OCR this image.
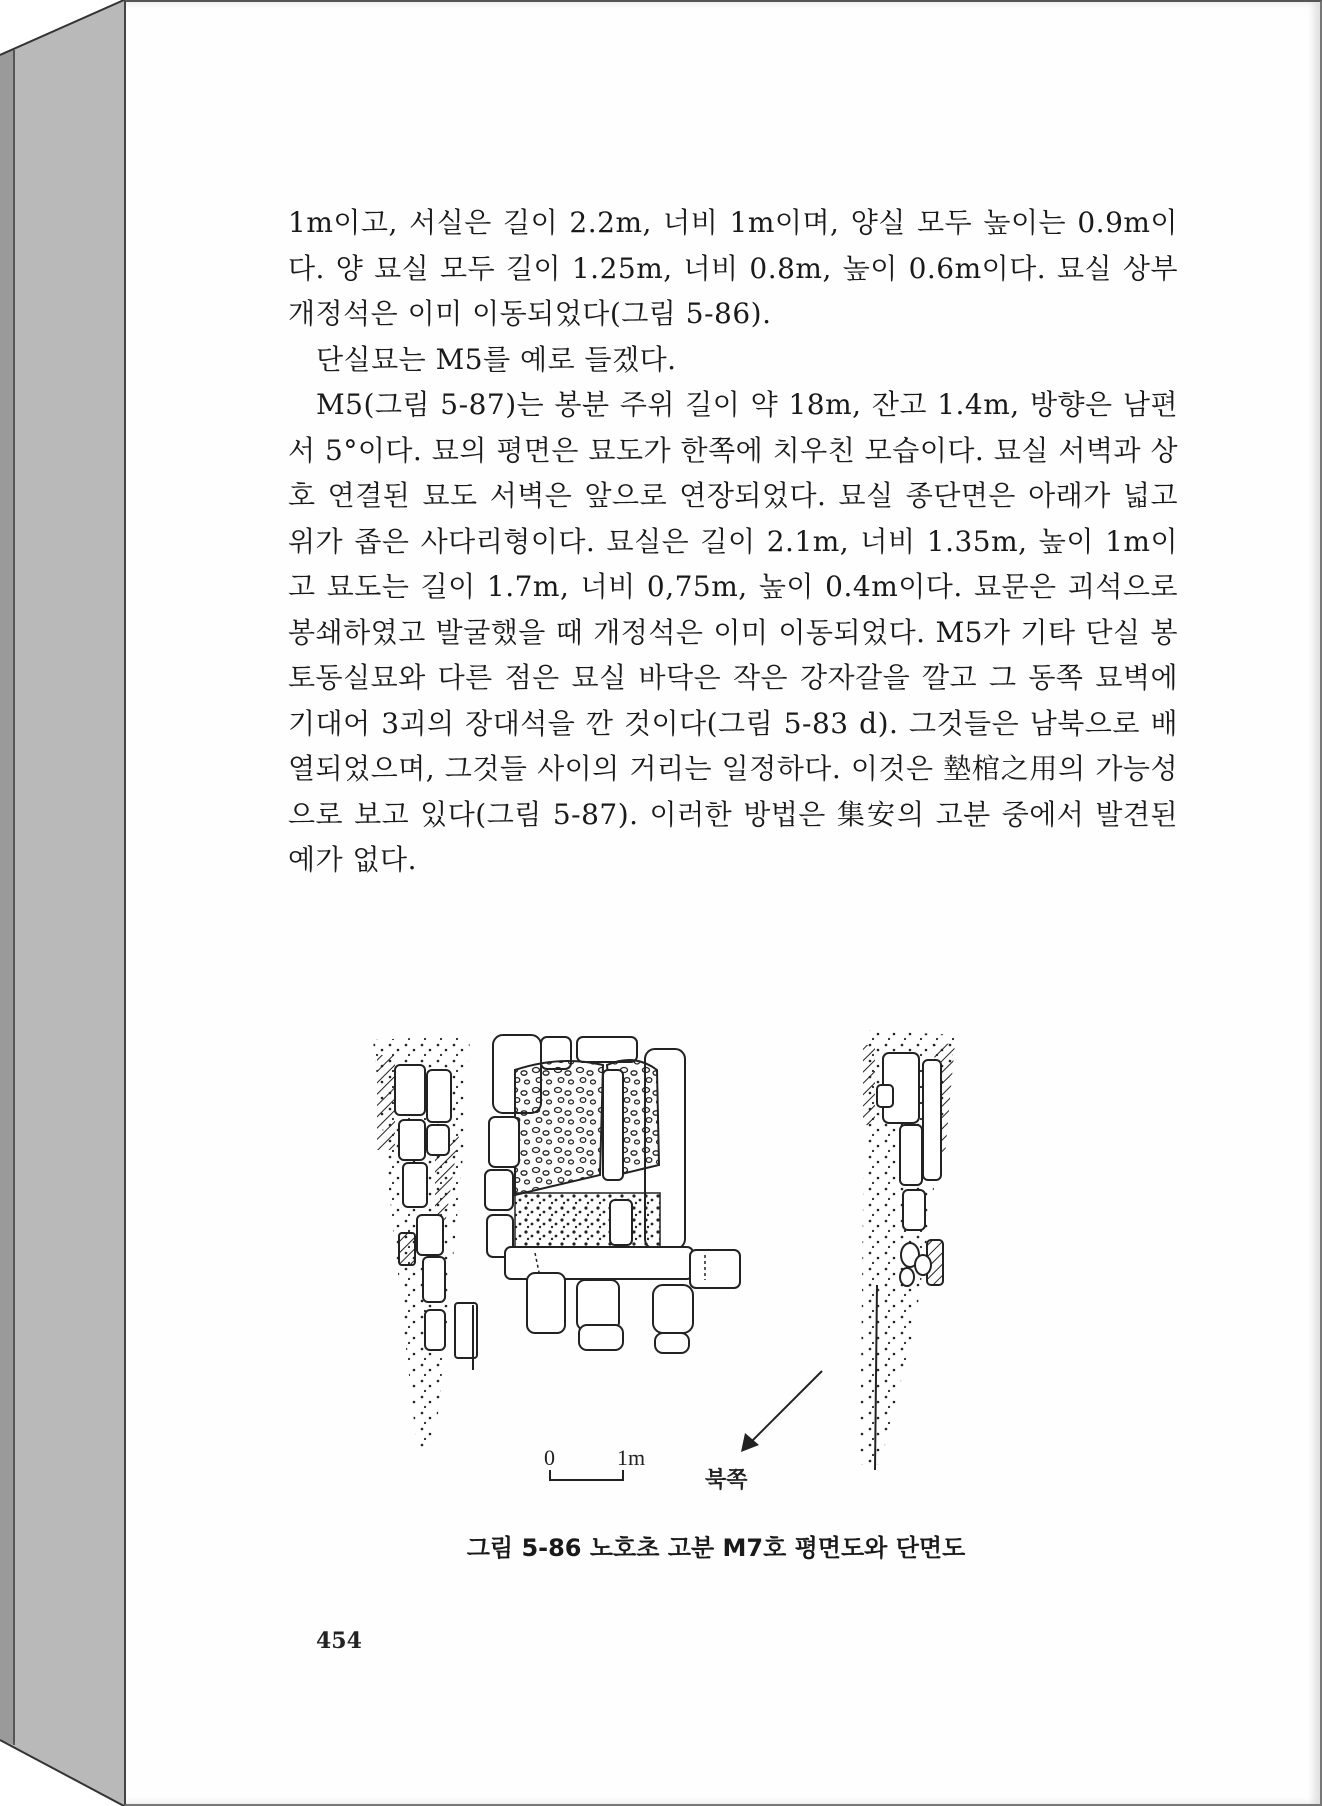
1m이고, 서실은 길이 2.2m, 너비 1m이며, 양실 모두 높이는 0.9m이다. 양 묘실 모두 길이 1.25m, 너비 0.8m, 높이 0.6m이다. 묘실 상부 개정석은 이미 이동되었다(그림 5-86).

단실묘는 M5를 예로 들겠다.

M5(그림 5-87)는 봉분 주위 길이 약 18m, 잔고 1.4m, 방향은 남편서 5°이다. 묘의 평면은 묘도가 한쪽에 치우친 모습이다. 묘실 서벽과 상호 연결된 묘도 서벽은 앞으로 연장되었다. 묘실 종단면은 아래가 넓고 위가 좁은 사다리형이다. 묘실은 길이 2.1m, 너비 1.35m, 높이 1m이고 묘도는 길이 1.7m, 너비 0,75m, 높이 0.4m이다. 묘문은 괴석으로 봉쇄하였고 발굴했을 때 개정석은 이미 이동되었다. M5가 기타 단실 봉토동실묘와 다른 점은 묘실 바닥은 작은 강자갈을 깔고 그 동쪽 묘벽에 기대어 3괴의 장대석을 깐 것이다(그림 5-83 d). 그것들은 남북으로 배열되었으며, 그것들 사이의 거리는 일정하다. 이것은 墊棺之用의 가능성으로 보고 있다(그림 5-87). 이러한 방법은 集安의 고분 중에서 발견된 예가 없다.

0	1m
북쪽
그림 5-86 노호초 고분 M7호 평면도와 단면도
454
